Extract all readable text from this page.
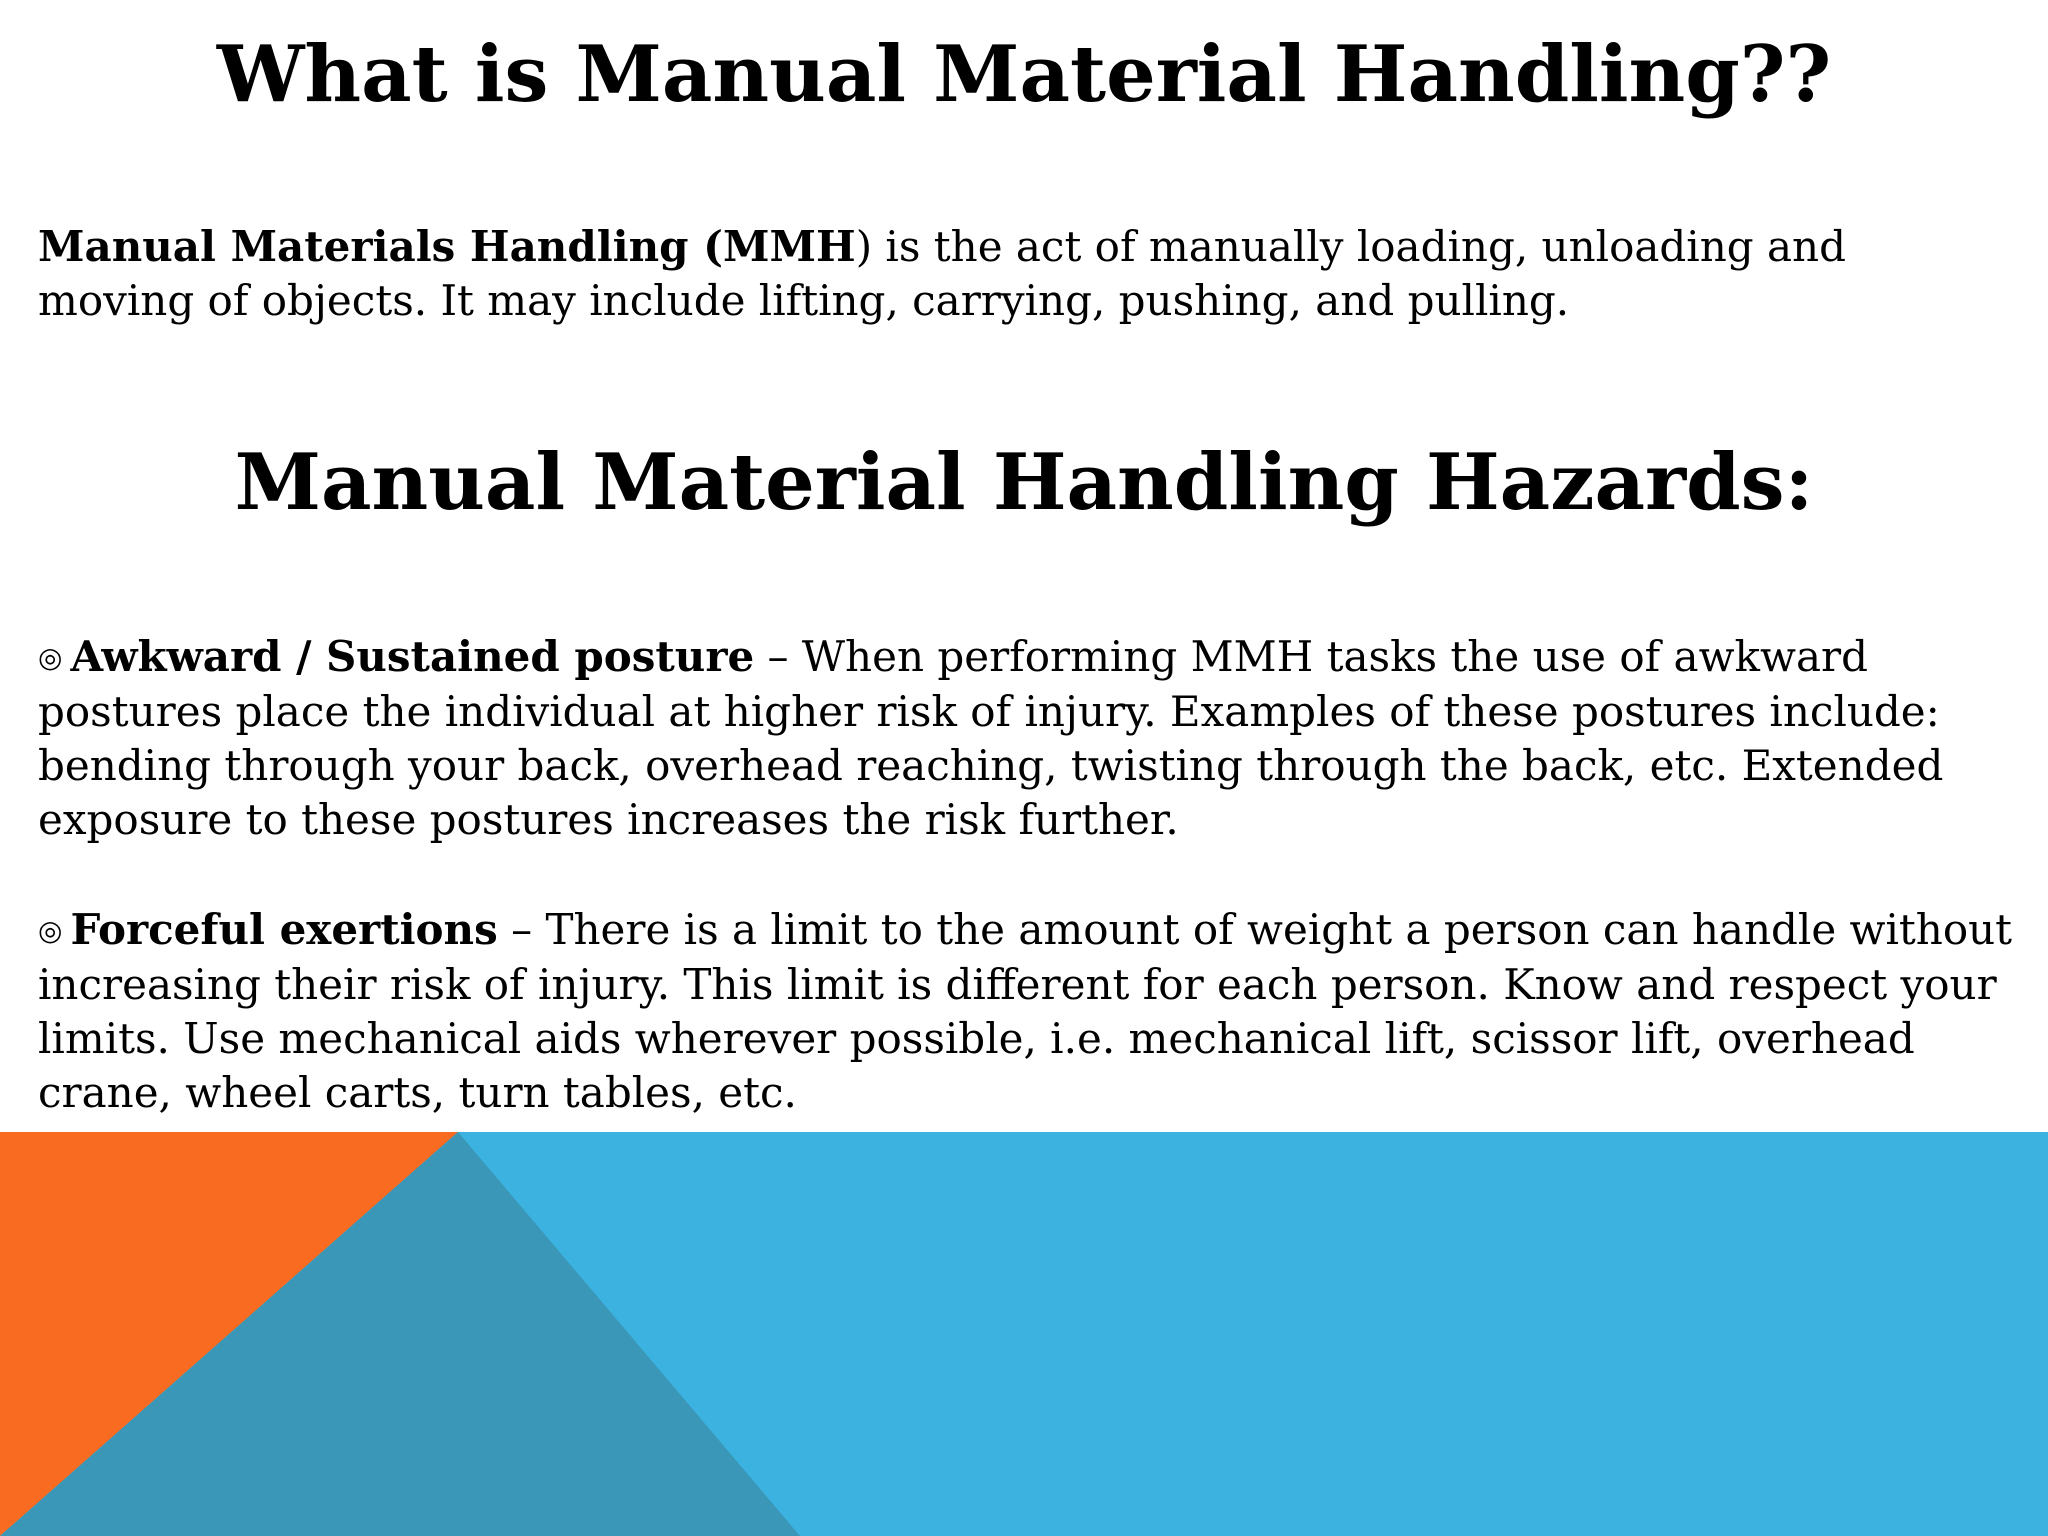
What is Manual Material Handling??

Manual Materials Handling (MMH) is the act of manually loading, unloading and moving of objects. It may include lifting, carrying, pushing, and pulling.

Manual Material Handling Hazards:

◎ Awkward / Sustained posture – When performing MMH tasks the use of awkward postures place the individual at higher risk of injury. Examples of these postures include: bending through your back, overhead reaching, twisting through the back, etc. Extended exposure to these postures increases the risk further.

◎ Forceful exertions – There is a limit to the amount of weight a person can handle without increasing their risk of injury. This limit is different for each person. Know and respect your limits. Use mechanical aids wherever possible, i.e. mechanical lift, scissor lift, overhead crane, wheel carts, turn tables, etc.
